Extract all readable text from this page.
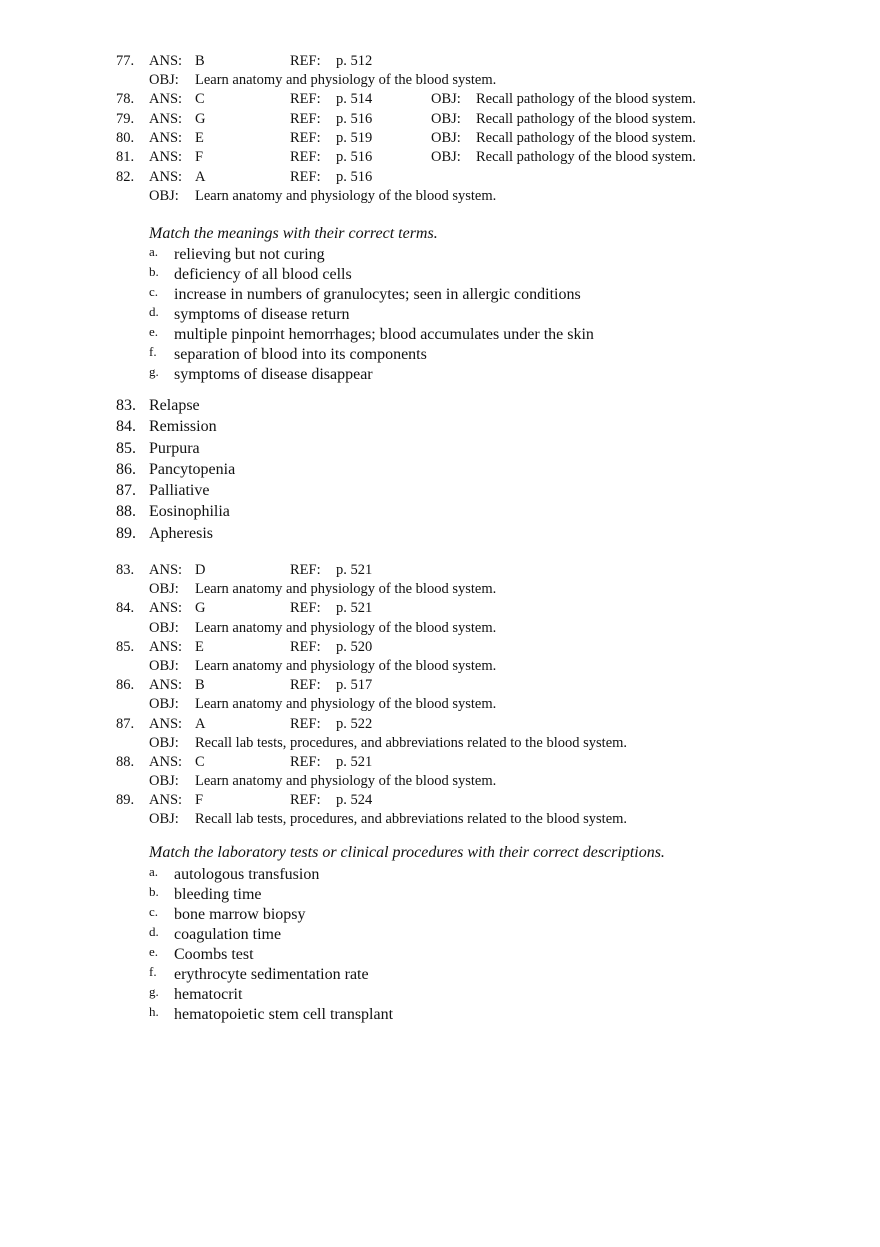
77. ANS: B	REF: p. 512
OBJ: Learn anatomy and physiology of the blood system.
78. ANS: C	REF: p. 514	OBJ: Recall pathology of the blood system.
79. ANS: G	REF: p. 516	OBJ: Recall pathology of the blood system.
80. ANS: E	REF: p. 519	OBJ: Recall pathology of the blood system.
81. ANS: F	REF: p. 516	OBJ: Recall pathology of the blood system.
82. ANS: A	REF: p. 516
OBJ: Learn anatomy and physiology of the blood system.
Match the meanings with their correct terms.
a. relieving but not curing
b. deficiency of all blood cells
c. increase in numbers of granulocytes; seen in allergic conditions
d. symptoms of disease return
e. multiple pinpoint hemorrhages; blood accumulates under the skin
f. separation of blood into its components
g. symptoms of disease disappear
83. Relapse
84. Remission
85. Purpura
86. Pancytopenia
87. Palliative
88. Eosinophilia
89. Apheresis
83. ANS: D	REF: p. 521
OBJ: Learn anatomy and physiology of the blood system.
84. ANS: G	REF: p. 521
OBJ: Learn anatomy and physiology of the blood system.
85. ANS: E	REF: p. 520
OBJ: Learn anatomy and physiology of the blood system.
86. ANS: B	REF: p. 517
OBJ: Learn anatomy and physiology of the blood system.
87. ANS: A	REF: p. 522
OBJ: Recall lab tests, procedures, and abbreviations related to the blood system.
88. ANS: C	REF: p. 521
OBJ: Learn anatomy and physiology of the blood system.
89. ANS: F	REF: p. 524
OBJ: Recall lab tests, procedures, and abbreviations related to the blood system.
Match the laboratory tests or clinical procedures with their correct descriptions.
a. autologous transfusion
b. bleeding time
c. bone marrow biopsy
d. coagulation time
e. Coombs test
f. erythrocyte sedimentation rate
g. hematocrit
h. hematopoietic stem cell transplant
